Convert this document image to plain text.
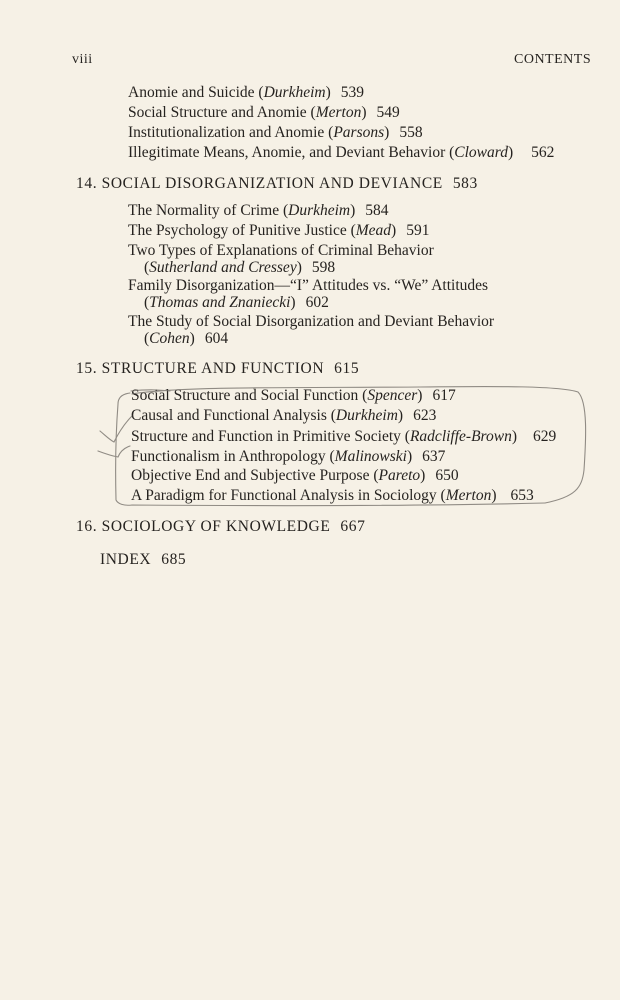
viii	CONTENTS
Anomie and Suicide (Durkheim) 539
Social Structure and Anomie (Merton) 549
Institutionalization and Anomie (Parsons) 558
Illegitimate Means, Anomie, and Deviant Behavior (Cloward) 562
14. SOCIAL DISORGANIZATION AND DEVIANCE 583
The Normality of Crime (Durkheim) 584
The Psychology of Punitive Justice (Mead) 591
Two Types of Explanations of Criminal Behavior
(Sutherland and Cressey) 598
Family Disorganization—“I” Attitudes vs. “We” Attitudes
(Thomas and Znaniecki) 602
The Study of Social Disorganization and Deviant Behavior
(Cohen) 604
15. STRUCTURE AND FUNCTION 615
Social Structure and Social Function (Spencer) 617
Causal and Functional Analysis (Durkheim) 623
Structure and Function in Primitive Society (Radcliffe-Brown) 629
Functionalism in Anthropology (Malinowski) 637
Objective End and Subjective Purpose (Pareto) 650
A Paradigm for Functional Analysis in Sociology (Merton) 653
16. SOCIOLOGY OF KNOWLEDGE 667
INDEX 685
